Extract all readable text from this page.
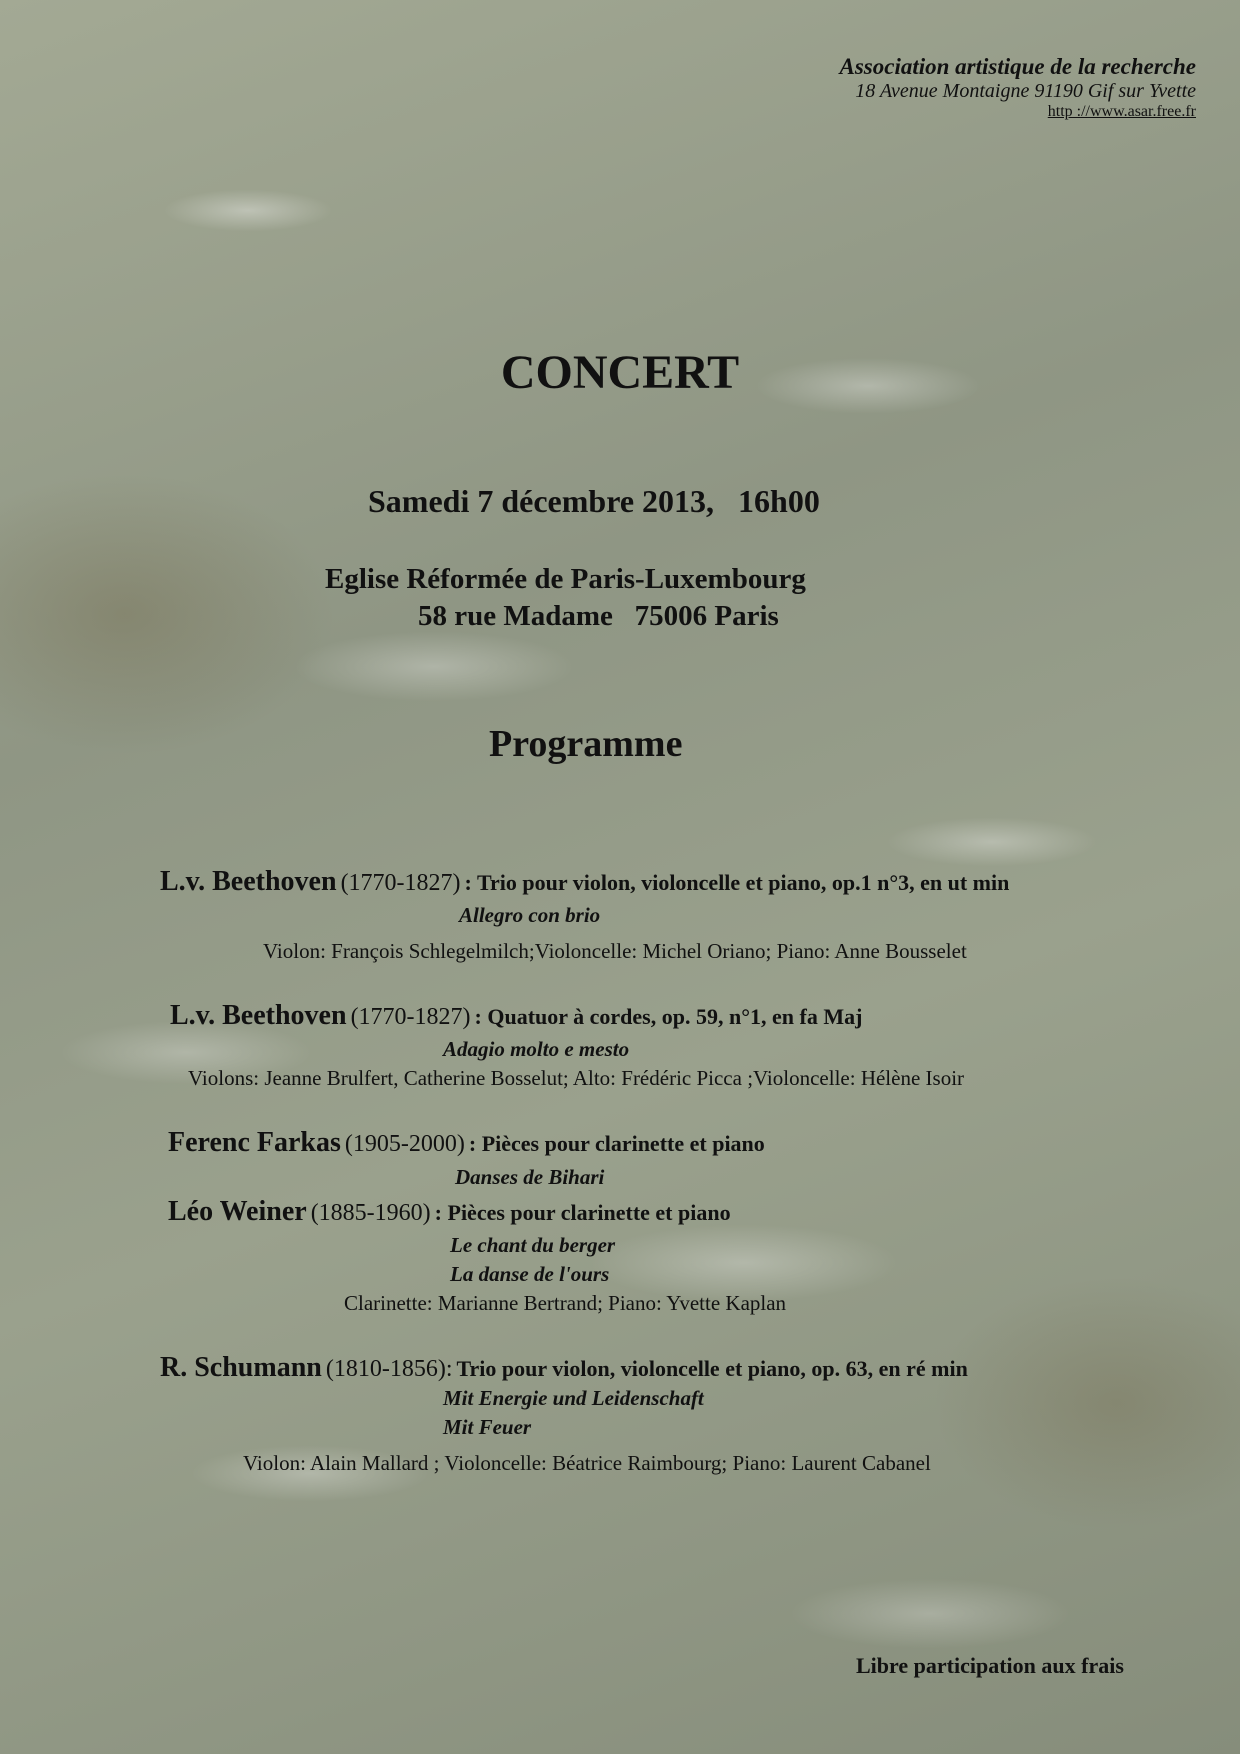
Association artistique de la recherche
18 Avenue Montaigne 91190 Gif sur Yvette
http ://www.asar.free.fr
CONCERT
Samedi 7 décembre 2013,   16h00
Eglise Réformée de Paris-Luxembourg
58 rue Madame   75006 Paris
Programme
L.v. Beethoven (1770-1827) : Trio pour violon, violoncelle et piano, op.1 n°3, en ut min
Allegro con brio
Violon: François Schlegelmilch;Violoncelle: Michel Oriano; Piano: Anne Bousselet
L.v. Beethoven (1770-1827) : Quatuor à cordes, op. 59, n°1, en fa Maj
Adagio molto e mesto
Violons: Jeanne Brulfert, Catherine Bosselut; Alto: Frédéric Picca ;Violoncelle: Hélène Isoir
Ferenc Farkas (1905-2000) : Pièces pour clarinette et piano
Danses de Bihari
Léo Weiner (1885-1960) : Pièces pour clarinette et piano
Le chant du berger
La danse de l'ours
Clarinette: Marianne Bertrand; Piano: Yvette Kaplan
R. Schumann (1810-1856): Trio pour violon, violoncelle et piano, op. 63, en ré min
Mit Energie und Leidenschaft
Mit Feuer
Violon: Alain Mallard ; Violoncelle: Béatrice Raimbourg; Piano: Laurent Cabanel
Libre participation aux frais
